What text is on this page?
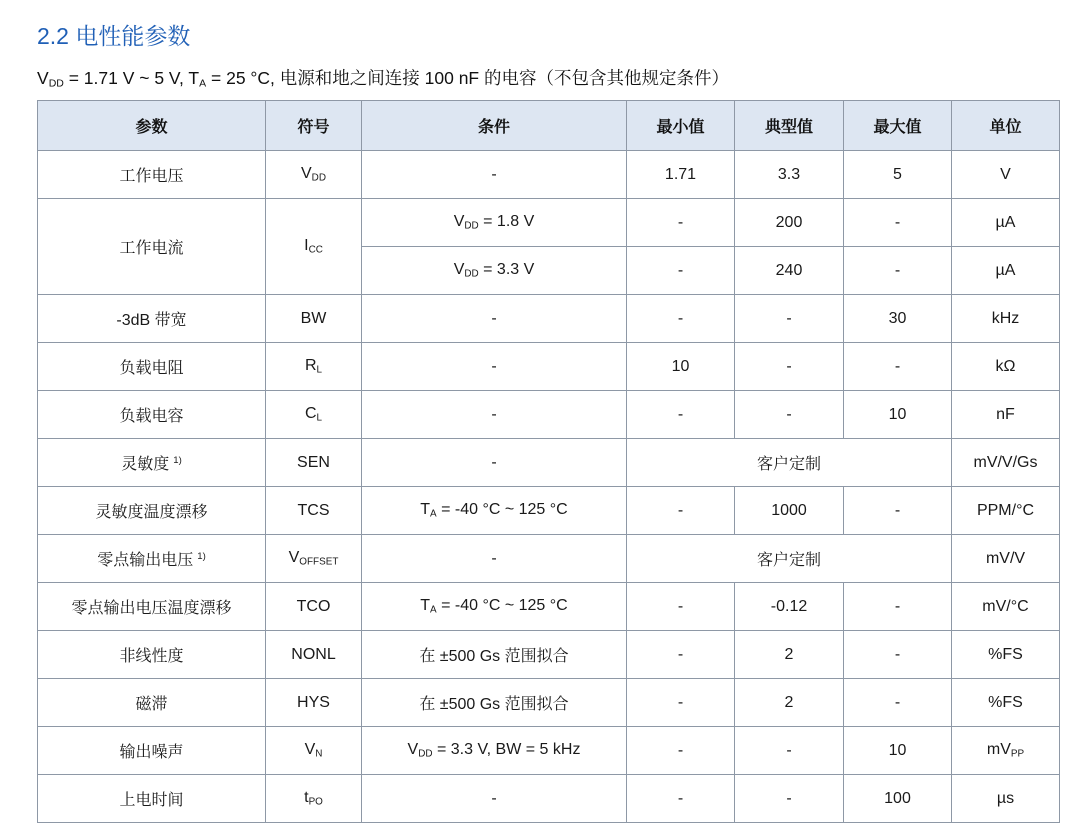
2.2 电性能参数
$V_{DD} = 1.71$ V ~ 5 V, $T_A = 25$ °C, 电源和地之间连接 100 nF 的电容（不包含其他规定条件）
参数	符号	条件	最小值	典型值	最大值	单位
工作电压	$V_{DD}$	-	1.71	3.3	5	V
工作电流	$I_{CC}$	$V_{DD} = 1.8$ V	-	200	-	µA
		$V_{DD} = 3.3$ V	-	240	-	µA
-3dB 带宽	BW	-	-	-	30	kHz
负载电阻	$R_L$	-	10	-	-	kΩ
负载电容	$C_L$	-	-	-	10	nF
灵敏度 $^{1)}$	SEN	-	客户定制			mV/V/Gs
灵敏度温度漂移	TCS	$T_A = -40$ °C ~ 125 °C	-	1000	-	PPM/°C
零点输出电压 $^{1)}$	$V_{OFFSET}$	-	客户定制			mV/V
零点输出电压温度漂移	TCO	$T_A = -40$ °C ~ 125 °C	-	-0.12	-	mV/°C
非线性度	NONL	在 ±500 Gs 范围拟合	-	2	-	%FS
磁滞	HYS	在 ±500 Gs 范围拟合	-	2	-	%FS
输出噪声	$V_N$	$V_{DD} = 3.3$ V, BW = 5 kHz	-	-	10	$mV_{PP}$
上电时间	$t_{PO}$	-	-	-	100	µs
